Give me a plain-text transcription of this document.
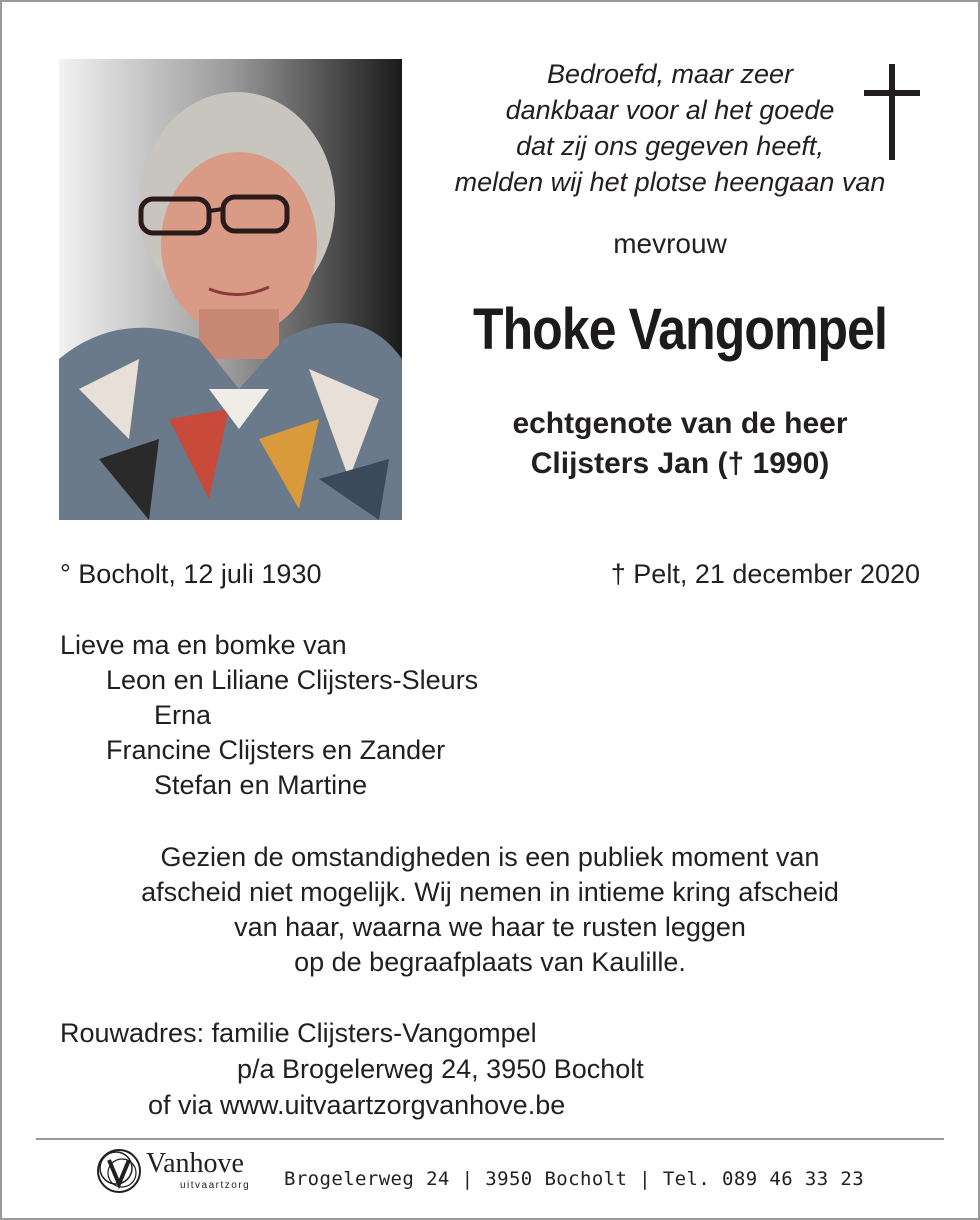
Bedroefd, maar zeer
dankbaar voor al het goede
dat zij ons gegeven heeft,
melden wij het plotse heengaan van
mevrouw
Thoke Vangompel
echtgenote van de heer
Clijsters Jan († 1990)
° Bocholt, 12 juli 1930	† Pelt, 21 december 2020
Lieve ma en bomke van
Leon en Liliane Clijsters-Sleurs
Erna
Francine Clijsters en Zander
Stefan en Martine
Gezien de omstandigheden is een publiek moment van
afscheid niet mogelijk. Wij nemen in intieme kring afscheid
van haar, waarna we haar te rusten leggen
op de begraafplaats van Kaulille.
Rouwadres: familie Clijsters-Vangompel
p/a Brogelerweg 24, 3950 Bocholt
of via www.uitvaartzorgvanhove.be
Vanhove
uitvaartzorg Brogelerweg 24 | 3950 Bocholt | Tel. 089 46 33 23
